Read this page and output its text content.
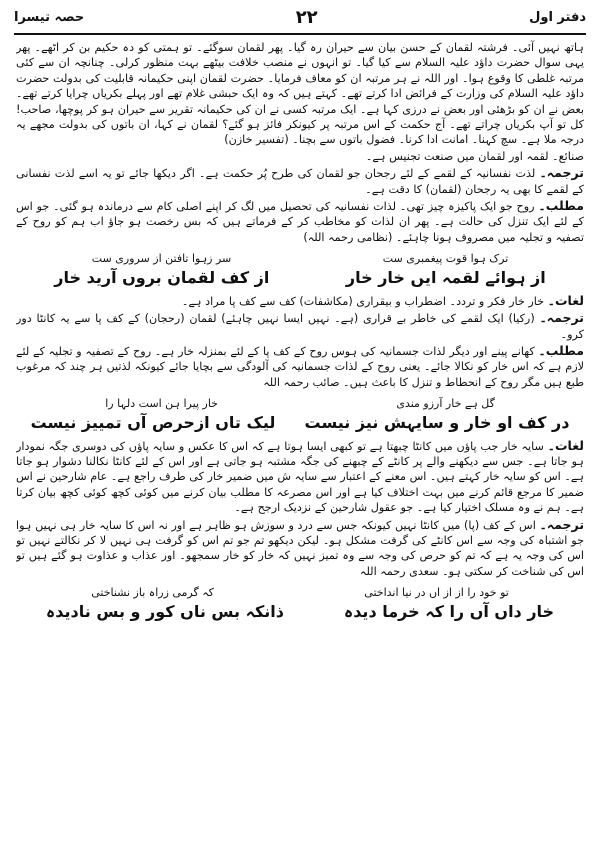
حصہ تیسرا	۲۲	دفتر اول

ہاتھ نہیں آئی۔ فرشتہ لقمان کے حسن بیان سے حیران رہ گیا۔ پھر لقمان سوگئے۔ تو ہمتی کو دہ حکیم بن کر اٹھے۔ پھر یہی سوال حضرت داؤد علیہ السلام سے کیا گیا۔ تو انہوں نے منصب خلافت بیٹھے بہت منظور کرلی۔ چنانچہ ان سے کئی مرتبہ غلطی کا وقوع ہوا۔ اور اللہ نے ہر مرتبہ ان کو معاف فرمایا۔ حضرت لقمان اپنی حکیمانہ قابلیت کی بدولت حضرت داؤد علیہ السلام کی وزارت کے فرائض ادا کرتے تھے۔ کہتے ہیں کہ وہ ایک حبشی غلام تھے اور پہلے بکریاں چرایا کرتے تھے۔ بعض نے ان کو بڑھئی اور بعض نے درزی کہا ہے۔ ایک مرتبہ کسی نے ان کی حکیمانہ تقریر سے حیران ہو کر پوچھا، صاحب! کل تو آپ بکریاں چراتے تھے۔ آج حکمت کے اس مرتبہ پر کیونکر فائز ہو گئے؟ لقمان نے کہا، ان باتوں کی بدولت مجھے یہ درجہ ملا ہے۔ سچ کہنا۔ امانت ادا کرنا۔ فضول باتوں سے بچنا۔ (تفسیر خازن)

صنائع۔ لقمہ اور لقمان میں صنعت تجنیس ہے۔

ترجمہ۔ لذت نفسانیہ کے لقمے کے لئے رجحان جو لقمان کی طرح پُر حکمت ہے۔ اگر دیکھا جائے تو یہ اسے لذت نفسانی کے لقمے کا بھی یہ رجحان (لقمان) کا دقت ہے۔

مطلب۔ روح جو ایک پاکیزہ چیز تھی۔ لذات نفسانیہ کی تحصیل میں لگ کر اپنے اصلی کام سے درماندہ ہو گئی۔ جو اس کے لئے ایک تنزل کی حالت ہے۔ پھر ان لذات کو مخاطب کر کے فرماتے ہیں کہ بس رخصت ہو جاؤ اب ہم کو روح کے تصفیہ و تجلیہ میں مصروف ہونا چاہئے۔ (نظامی رحمہ اللہ)

ترک ہوا قوت پیغمبری ست
سر زہوا تافتن از سروری ست
از ہوائے لقمہ ایں خار خار
از کف لقمان بروں آرید خار

لغات۔ خار خار فکر و تردد۔ اضطراب و بیقراری (مکاشفات) کف سے کف پا مراد ہے۔

ترجمہ۔ (رکیا) ایک لقمے کی خاطر بے قراری (ہے۔ نہیں ایسا نہیں چاہئے) لقمان (رحجان) کے کف پا سے یہ کانٹا دور کرو۔

مطلب۔ کھانے پینے اور دیگر لذات جسمانیہ کی ہوس روح کے کف پا کے لئے بمنزلہ خار ہے۔ روح کے تصفیہ و تجلیہ کے لئے لازم ہے کہ اس خار کو نکالا جائے۔ یعنی روح کے لذات جسمانیہ کی آلودگی سے بچایا جائے کیونکہ لذتیں ہر چند کہ مرغوب طبع ہیں مگر روح کے انحطاط و تنزل کا باعث ہیں۔ صائب رحمہ اللہ

گل ہے خار آرزو مندی
خار پیرا ہن است دلہا را
در کف او خار و سایہش نیز نیست
لیک تاں ازحرص آں تمییز نیست

لغات۔ سایہ خار جب پاؤں میں کانٹا چبھتا ہے تو کبھی ایسا ہوتا ہے کہ اس کا عکس و سایہ پاؤں کی دوسری جگہ نمودار ہو جاتا ہے۔ جس سے دیکھنے والے پر کانٹے کے چبھنے کی جگہ مشتبہ ہو جاتی ہے اور اس کے لئے کانٹا نکالنا دشوار ہو جاتا ہے۔ اس کو سایہ خار کہتے ہیں۔ اس معنے کے اعتبار سے سایہ ش میں ضمیر خار کی طرف راجع ہے۔ عام شارحین نے اس ضمیر کا مرجع قائم کرنے میں بہت اختلاف کیا ہے اور اس مصرعہ کا مطلب بیان کرنے میں کوئی کچھ کوئی کچھ بیان کرتا ہے۔ ہم نے وہ مسلک اختیار کیا ہے۔ جو عقول شارحین کے نزدیک ارجح ہے۔

ترجمہ۔ اس کے کف (پا) میں کانٹا نہیں کیونکہ جس سے درد و سوزش ہو ظاہر ہے اور نہ اس کا سایہ خار ہی نہیں ہوا جو اشتباہ کی وجہ سے اس کانٹے کی گرفت مشکل ہو۔ لیکن دیکھو تم جو تم اس کو گرفت ہی نہیں لا کر نکالتے نہیں تو اس کی وجہ یہ ہے کہ تم کو حرص کی وجہ سے وہ تمیز نہیں کہ خار کو خار سمجھو۔ اور عذاب و عذاوت ہو گئے ہیں تو اس کی شناخت کر سکتی ہو۔ سعدی رحمہ اللہ

تو خود را از از اں در نیا انداختی
کہ گرمی زراہ باز نشناختی
خار داں آں را کہ خرما دیدہ
ذانکہ بس ناں کور و بس نادیدہ
